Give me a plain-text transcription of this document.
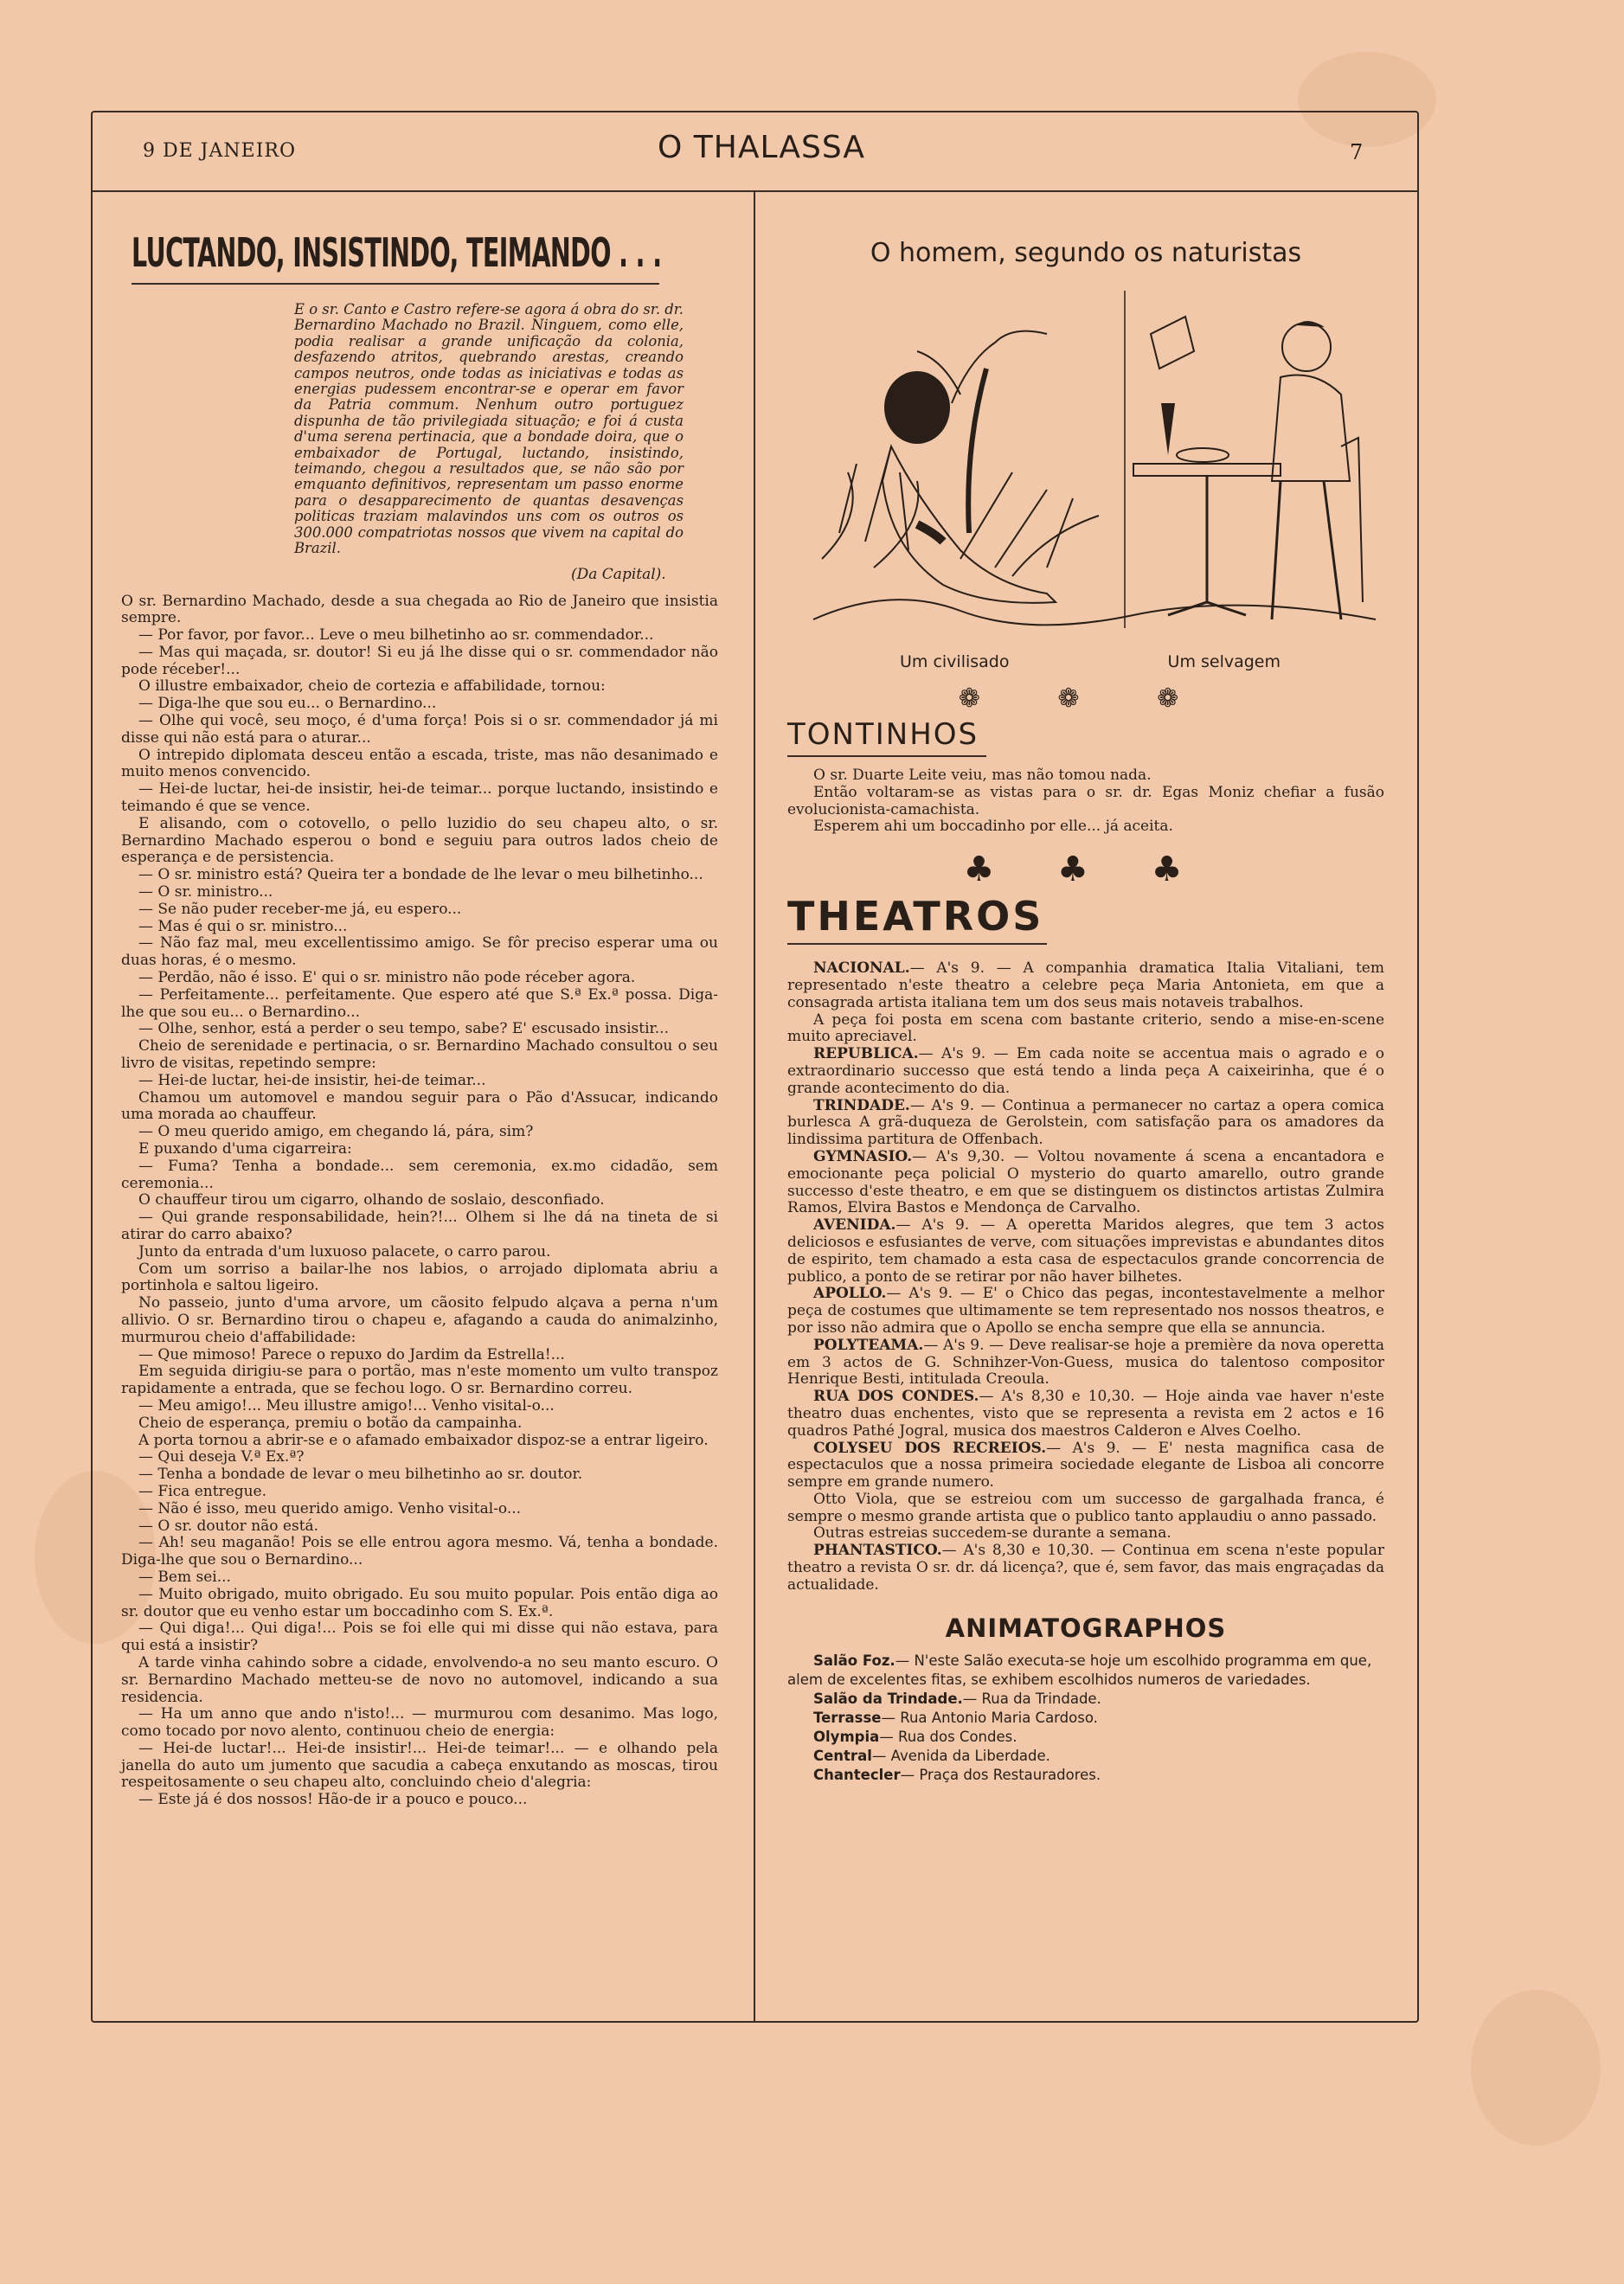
9 DE JANEIRO	O THALASSA	7
LUCTANDO, INSISTINDO, TEIMANDO . . .
E o sr. Canto e Castro refere-se agora á obra do sr. dr. Bernardino Machado no Brazil. Ninguem, como elle, podia realisar a grande unificação da colonia, desfazendo atritos, quebrando arestas, creando campos neutros, onde todas as iniciativas e todas as energias pudessem encontrar-se e operar em favor da Patria commum. Nenhum outro portuguez dispunha de tão privilegiada situação; e foi á custa d'uma serena pertinacia, que a bondade doira, que o embaixador de Portugal, luctando, insistindo, teimando, chegou a resultados que, se não são por emquanto definitivos, representam um passo enorme para o desapparecimento de quantas desavenças politicas traziam malavindos uns com os outros os 300.000 compatriotas nossos que vivem na capital do Brazil.
(Da Capital).

O sr. Bernardino Machado, desde a sua chegada ao Rio de Janeiro que insistia sempre.

— Por favor, por favor... Leve o meu bilhetinho ao sr. commendador...

— Mas qui maçada, sr. doutor! Si eu já lhe disse qui o sr. commendador não pode réceber!...

O illustre embaixador, cheio de cortezia e affabilidade, tornou:

— Diga-lhe que sou eu... o Bernardino...

— Olhe qui você, seu moço, é d'uma força! Pois si o sr. commendador já mi disse qui não está para o aturar...

O intrepido diplomata desceu então a escada, triste, mas não desanimado e muito menos convencido.

— Hei-de luctar, hei-de insistir, hei-de teimar... porque luctando, insistindo e teimando é que se vence.

E alisando, com o cotovello, o pello luzidio do seu chapeu alto, o sr. Bernardino Machado esperou o bond e seguiu para outros lados cheio de esperança e de persistencia.

— O sr. ministro está? Queira ter a bondade de lhe levar o meu bilhetinho...

— O sr. ministro...

— Se não puder receber-me já, eu espero...

— Mas é qui o sr. ministro...

— Não faz mal, meu excellentissimo amigo. Se fôr preciso esperar uma ou duas horas, é o mesmo.

— Perdão, não é isso. E' qui o sr. ministro não pode réceber agora.

— Perfeitamente... perfeitamente. Que espero até que S.ª Ex.ª possa. Diga-lhe que sou eu... o Bernardino...

— Olhe, senhor, está a perder o seu tempo, sabe? E' escusado insistir...

Cheio de serenidade e pertinacia, o sr. Bernardino Machado consultou o seu livro de visitas, repetindo sempre:

— Hei-de luctar, hei-de insistir, hei-de teimar...

Chamou um automovel e mandou seguir para o Pão d'Assucar, indicando uma morada ao chauffeur.

— O meu querido amigo, em chegando lá, pára, sim?

E puxando d'uma cigarreira:

— Fuma? Tenha a bondade... sem ceremonia, ex.mo cidadão, sem ceremonia...

O chauffeur tirou um cigarro, olhando de soslaio, desconfiado.

— Qui grande responsabilidade, hein?!... Olhem si lhe dá na tineta de si atirar do carro abaixo?

Junto da entrada d'um luxuoso palacete, o carro parou.

Com um sorriso a bailar-lhe nos labios, o arrojado diplomata abriu a portinhola e saltou ligeiro.

No passeio, junto d'uma arvore, um cãosito felpudo alçava a perna n'um allivio. O sr. Bernardino tirou o chapeu e, afagando a cauda do animalzinho, murmurou cheio d'affabilidade:

— Que mimoso! Parece o repuxo do Jardim da Estrella!...

Em seguida dirigiu-se para o portão, mas n'este momento um vulto transpoz rapidamente a entrada, que se fechou logo. O sr. Bernardino correu.

— Meu amigo!... Meu illustre amigo!... Venho visital-o...

Cheio de esperança, premiu o botão da campainha.

A porta tornou a abrir-se e o afamado embaixador dispoz-se a entrar ligeiro.

— Qui deseja V.ª Ex.ª?

— Tenha a bondade de levar o meu bilhetinho ao sr. doutor.

— Fica entregue.

— Não é isso, meu querido amigo. Venho visital-o...

— O sr. doutor não está.

— Ah! seu maganão! Pois se elle entrou agora mesmo. Vá, tenha a bondade. Diga-lhe que sou o Bernardino...

— Bem sei...

— Muito obrigado, muito obrigado. Eu sou muito popular. Pois então diga ao sr. doutor que eu venho estar um boccadinho com S. Ex.ª.

— Qui diga!... Qui diga!... Pois se foi elle qui mi disse qui não estava, para qui está a insistir?

A tarde vinha cahindo sobre a cidade, envolvendo-a no seu manto escuro. O sr. Bernardino Machado metteu-se de novo no automovel, indicando a sua residencia.

— Ha um anno que ando n'isto!... — murmurou com desanimo. Mas logo, como tocado por novo alento, continuou cheio de energia:

— Hei-de luctar!... Hei-de insistir!... Hei-de teimar!... — e olhando pela janella do auto um jumento que sacudia a cabeça enxutando as moscas, tirou respeitosamente o seu chapeu alto, concluindo cheio d'alegria:

— Este já é dos nossos! Hão-de ir a pouco e pouco...

O homem, segundo os naturistas
Um civilisado	Um selvagem
❁ ❁ ❁
TONTINHOS

O sr. Duarte Leite veiu, mas não tomou nada.

Então voltaram-se as vistas para o sr. dr. Egas Moniz chefiar a fusão evolucionista-camachista.

Esperem ahi um boccadinho por elle... já aceita.

♣ ♣ ♣
THEATROS

NACIONAL.— A's 9. — A companhia dramatica Italia Vitaliani, tem representado n'este theatro a celebre peça Maria Antonieta, em que a consagrada artista italiana tem um dos seus mais notaveis trabalhos.

A peça foi posta em scena com bastante criterio, sendo a mise-en-scene muito apreciavel.

REPUBLICA.— A's 9. — Em cada noite se accentua mais o agrado e o extraordinario successo que está tendo a linda peça A caixeirinha, que é o grande acontecimento do dia.

TRINDADE.— A's 9. — Continua a permanecer no cartaz a opera comica burlesca A grã-duqueza de Gerolstein, com satisfação para os amadores da lindissima partitura de Offenbach.

GYMNASIO.— A's 9,30. — Voltou novamente á scena a encantadora e emocionante peça policial O mysterio do quarto amarello, outro grande successo d'este theatro, e em que se distinguem os distinctos artistas Zulmira Ramos, Elvira Bastos e Mendonça de Carvalho.

AVENIDA.— A's 9. — A operetta Maridos alegres, que tem 3 actos deliciosos e esfusiantes de verve, com situações imprevistas e abundantes ditos de espirito, tem chamado a esta casa de espectaculos grande concorrencia de publico, a ponto de se retirar por não haver bilhetes.

APOLLO.— A's 9. — E' o Chico das pegas, incontestavelmente a melhor peça de costumes que ultimamente se tem representado nos nossos theatros, e por isso não admira que o Apollo se encha sempre que ella se annuncia.

POLYTEAMA.— A's 9. — Deve realisar-se hoje a première da nova operetta em 3 actos de G. Schnihzer-Von-Guess, musica do talentoso compositor Henrique Besti, intitulada Creoula.

RUA DOS CONDES.— A's 8,30 e 10,30. — Hoje ainda vae haver n'este theatro duas enchentes, visto que se representa a revista em 2 actos e 16 quadros Pathé Jogral, musica dos maestros Calderon e Alves Coelho.

COLYSEU DOS RECREIOS.— A's 9. — E' nesta magnifica casa de espectaculos que a nossa primeira sociedade elegante de Lisboa ali concorre sempre em grande numero.

Otto Viola, que se estreiou com um successo de gargalhada franca, é sempre o mesmo grande artista que o publico tanto applaudiu o anno passado.

Outras estreias succedem-se durante a semana.

PHANTASTICO.— A's 8,30 e 10,30. — Continua em scena n'este popular theatro a revista O sr. dr. dá licença?, que é, sem favor, das mais engraçadas da actualidade.

ANIMATOGRAPHOS

Salão Foz.— N'este Salão executa-se hoje um escolhido programma em que, alem de excelentes fitas, se exhibem escolhidos numeros de variedades.

Salão da Trindade.— Rua da Trindade.

Terrasse— Rua Antonio Maria Cardoso.

Olympia— Rua dos Condes.

Central— Avenida da Liberdade.

Chantecler— Praça dos Restauradores.
